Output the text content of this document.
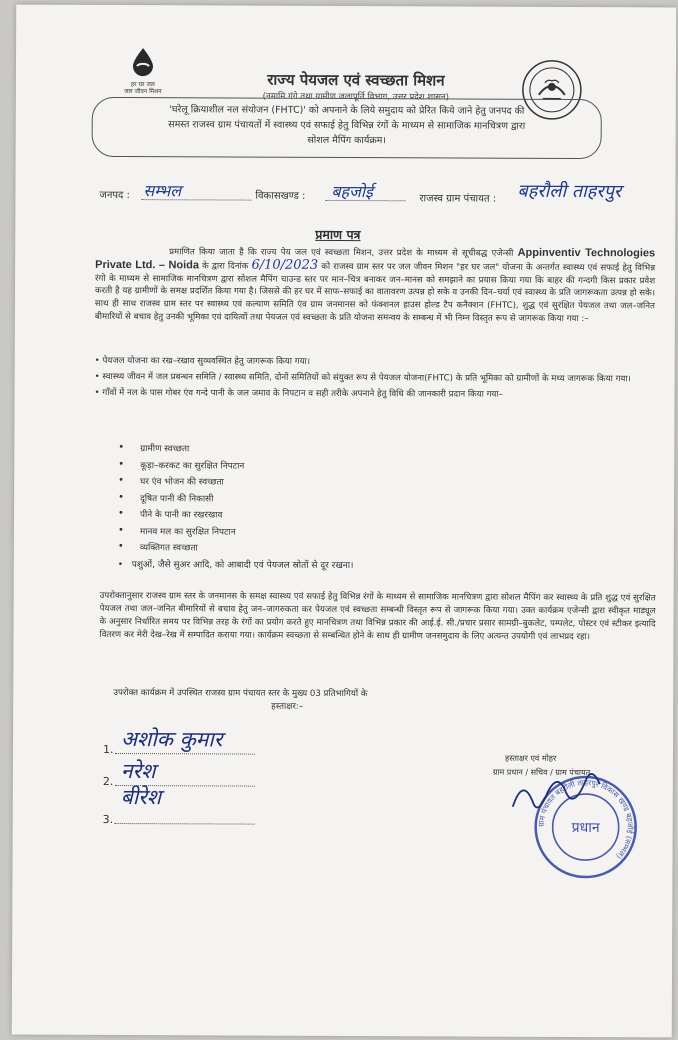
हर घर जल
जल जीवन मिशन
राज्य पेयजल एवं स्वच्छता मिशन
(नमामि गंगे तथा ग्रामीण जलापूर्ति विभाग, उत्तर प्रदेश शासन)
'घरेलू क्रियाशील नल संयोजन (FHTC)' को अपनाने के लिये समुदाय को प्रेरित किये जाने हेतु जनपद की
समस्त राजस्व ग्राम पंचायतों में स्वास्थ्य एवं सफाई हेतु विभिन्न रंगों के माध्यम से सामाजिक मानचित्रण द्वारा
सोशल मैपिंग कार्यक्रम।
जनपद : सम्भल	विकासखण्ड : बहजोई	राजस्व ग्राम पंचायत : बहरौली ताहरपुर
प्रमाण पत्र
प्रमाणित किया जाता है कि राज्य पेय जल एवं स्वच्छता मिशन, उत्तर प्रदेश के माध्यम से सूचीबद्ध एजेन्सी Appinventiv Technologies Private Ltd. – Noida के द्वारा दिनांक 6/10/2023 को राजस्व ग्राम स्तर पर जल जीवन मिशन "हर घर जल" योजना के अन्तर्गत स्वास्थ्य एवं सफाई हेतु विभिन्न रंगो के माध्यम से सामाजिक मानचित्रण द्वारा सोशल मैपिंग चाउन्ड स्तर पर मान–चित्र बनाकर जन–मानस को समझाने का प्रयास किया गया कि बाहर की गन्दगी किस प्रकार प्रवेश करती है यह ग्रामीणों के समक्ष प्रदर्शित किया गया है। जिससे की हर घर में साफ–सफाई का वातावरण उत्पन्न हो सके व उनकी दिन–चर्या एवं स्वास्थ्य के प्रति जागरूकता उत्पन्न हो सके। साथ ही साथ राजस्व ग्राम स्तर पर स्वास्थ्य एवं कल्याण समिति एंव ग्राम जनमानस को फंक्शनल हाउस होल्ड टैप कनैक्शन (FHTC), शुद्ध एवं सुरक्षित पेयजल तथा जल–जनित बीमारियों से बचाव हेतु उनकी भूमिका एवं दायित्वों तथा पेयजल एवं स्वच्छता के प्रति योजना समन्वय के सम्बन्ध में भी निम्न विस्तृत रूप से जागरूक किया गया :–
• पेयजल योजना का रख–रखाव सुव्यवस्थित हेतु जागरूक किया गया।
• स्वास्थ्य जीवन में जल प्रबन्धन समिति / स्वास्थ्य समिति, दोनों समितियों को संयुक्त रूप से पेयजल योजना(FHTC) के प्रति भूमिका को ग्रामीणों के मध्य जागरूक किया गया।
• गाँवों में नल के पास गोबर एंव गन्दे पानी के जल जमाव के निपटान व सही तरीके अपनाने हेतु विधि की जानकारी प्रदान किया गया–
• ग्रामीण स्वच्छता
• कूड़ा–करकट का सुरक्षित निपटान
• घर एंव भोजन की स्वच्छता
• दूषित पानी की निकासी
• पीने के पानी का रखरखाव
• मानव मल का सुरक्षित निपटान
• व्यक्तिगत स्वच्छता
•   पशुओं, जैसे सुअर आदि, को आबादी एवं पेयजल स्रोतों से दूर रखना।
उपरोक्तानुसार राजस्व ग्राम स्तर के जनमानस के समक्ष स्वास्थ्य एवं सफाई हेतु विभिन्न रंगों के माध्यम से सामाजिक मानचित्रण द्वारा सोशल मैपिंग कर स्वास्थ्य के प्रति शुद्ध एवं सुरक्षित पेयजल तथा जल–जनित बीमारियों से बचाव हेतु जन–जागरुकता कर पेयजल एवं स्वच्छता सम्बन्धी विस्तृत रूप से जागरूक किया गया। उक्त कार्यक्रम एजेन्सी द्वारा स्वीकृत माड्यूल के अनुसार निर्धारित समय पर विभिन्न तरह के रंगों का प्रयोग करते हुए मानचित्रण तथा विभिन्न प्रकार की आई.ई. सी./प्रचार प्रसार सामग्री–बुकलेट, पम्पलेट, पोस्टर एवं स्टीकर इत्यादि वितरण कर मेरी देख–रेख में सम्पादित कराया गया। कार्यक्रम स्वच्छता से सम्बन्धित होने के साथ ही ग्रामीण जनसमुदाय के लिए अत्यन्त उपयोगी एवं लाभप्रद रहा।
उपरोक्त कार्यक्रम में उपस्थित राजस्व ग्राम पंचायत स्तर के मुख्य 03 प्रतिभागियों के
हस्ताक्षर:–
1. अशोक कुमार
2. नरेश
3.
बीरेश
हस्ताक्षर एवं मोहर
ग्राम प्रधान / सचिव / ग्राम पंचायत
ग्राम पंचायत बहरौली ताहरपुर विकास खण्ड बहजोई (सम्भल)
प्रधान
